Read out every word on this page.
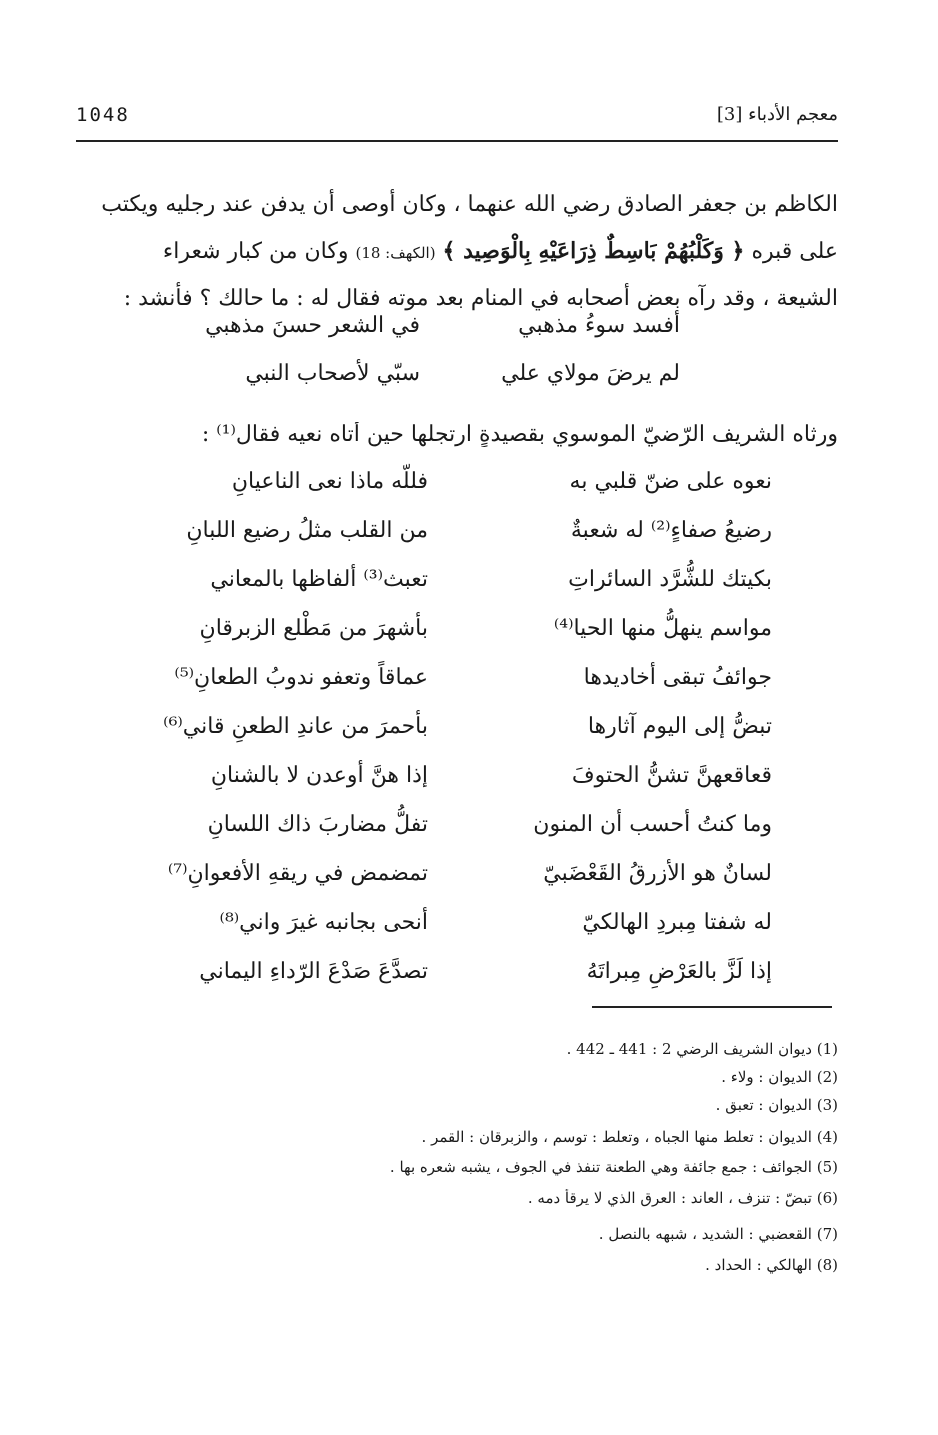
1048	معجم الأدباء [3]
الكاظم بن جعفر الصادق رضي الله عنهما ، وكان أوصى أن يدفن عند رجليه ويكتب
على قبره ﴿ وَكَلْبُهُمْ بَاسِطٌ ذِرَاعَيْهِ بِالْوَصِيد ﴾ (الكهف: 18) وكان من كبار شعراء
الشيعة ، وقد رآه بعض أصحابه في المنام بعد موته فقال له : ما حالك ؟ فأنشد :
أفسد سوءُ مذهبي
في الشعر حسنَ مذهبي
لم يرضَ مولاي علي
سبّي لأصحاب النبي
ورثاه الشريف الرّضيّ الموسوي بقصيدةٍ ارتجلها حين أتاه نعيه فقال⁽¹⁾ :
نعوه على ضنّ قلبي به
فللّه ماذا نعى الناعيانِ
رضيعُ صفاءٍ⁽²⁾ له شعبةٌ
من القلب مثلُ رضيع اللبانِ
بكيتك للشُّرَّد السائراتِ
تعبث⁽³⁾ ألفاظها بالمعاني
مواسم ينهلُّ منها الحيا⁽⁴⁾
بأشهرَ من مَطْلع الزبرقانِ
جوائفُ تبقى أخاديدها
عماقاً وتعفو ندوبُ الطعانِ⁽⁵⁾
تبضُّ إلى اليوم آثارها
بأحمرَ من عاندِ الطعنِ قاني⁽⁶⁾
قعاقعهنَّ تشنُّ الحتوفَ
إذا هنَّ أوعدن لا بالشنانِ
وما كنتُ أحسب أن المنون
تفلُّ مضاربَ ذاك اللسانِ
لسانٌ هو الأزرقُ القَعْضَبيّ
تمضمض في ريقهِ الأفعوانِ⁽⁷⁾
له شفتا مِبردِ الهالكيّ
أنحى بجانبه غيرَ واني⁽⁸⁾
إذا لَزَّ بالعَرْضِ مِبراتَهُ
تصدَّعَ صَدْعَ الرّداءِ اليماني
(1) ديوان الشريف الرضي 2 : 441 ـ 442 .
(2) الديوان : ولاء .
(3) الديوان : تعبق .
(4) الديوان : تعلط منها الجباه ، وتعلط : توسم ، والزبرقان : القمر .
(5) الجوائف : جمع جائفة وهي الطعنة تنفذ في الجوف ، يشبه شعره بها .
(6) تبضّ : تنزف ، العاند : العرق الذي لا يرقأ دمه .
(7) القعضبي : الشديد ، شبهه بالنصل .
(8) الهالكي : الحداد .
